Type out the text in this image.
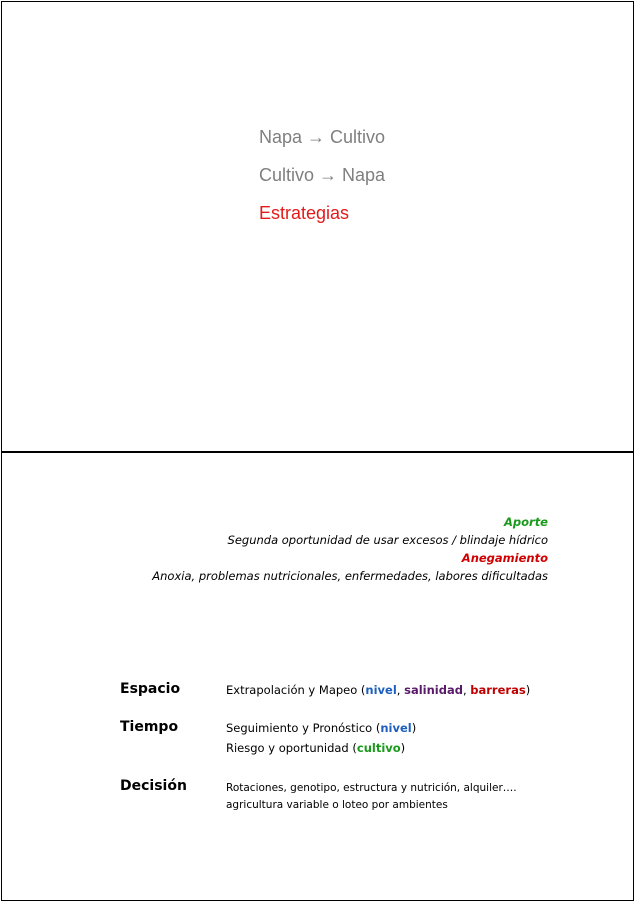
Napa → Cultivo
Cultivo → Napa
Estrategias
Aporte
Segunda oportunidad de usar excesos / blindaje hídrico
Anegamiento
Anoxia, problemas nutricionales, enfermedades, labores dificultadas
Espacio	Extrapolación y Mapeo (nivel, salinidad, barreras)
Tiempo	Seguimiento y Pronóstico (nivel)
Riesgo y oportunidad (cultivo)
Decisión	Rotaciones, genotipo, estructura y nutrición, alquiler….
agricultura variable o loteo por ambientes
